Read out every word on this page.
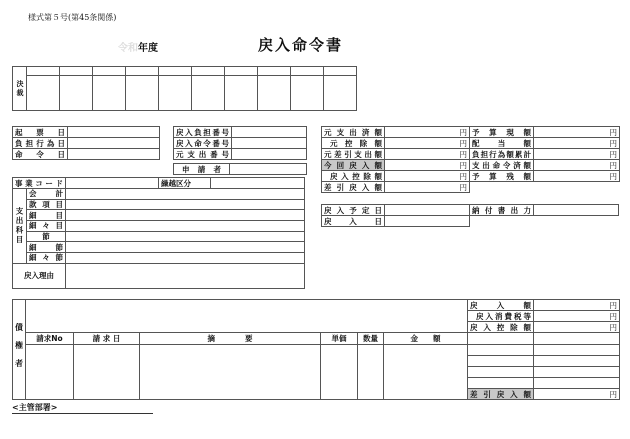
様式第５号(第45条関係)
令和年度	戻入命令書
決裁										

起　票　日	
負担行為日	
命　令　日	
戻入負担番号	
戻入命令番号	
元支出番号	
申　請　者	
事業コード			繰越区分	
支出科目	会　計			
	款項目			
	細　目			
	細々目			
	節			
	細　節			
	細々節			
戻入理由				
元支出済額	円	予算現額	円
元控除額	円	配　当　額	円
元差引支出額	円	負担行為額累計	円
今回戻入額	円	支出命令済額	円
戻入控除額	円	予算残額	円
差引戻入額	円		
戻入予定日		納付書出力	
戻　入　日			
債権者							戻　入　額	円
							戻入消費税等	円
							戻入控除額	円
	請求No	請 求 日	摘　　　　要	単価	数量	金　　額		

							差引戻入額	円
<主管部署>
